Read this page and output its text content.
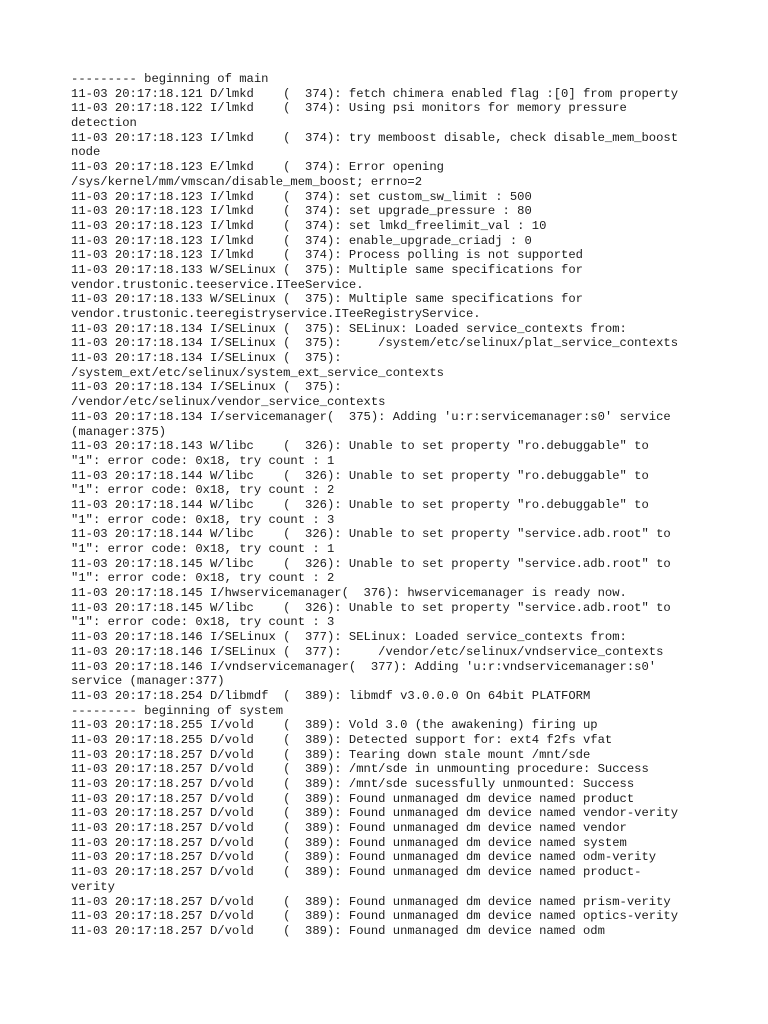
--------- beginning of main
11-03 20:17:18.121 D/lmkd    (  374): fetch chimera enabled flag :[0] from property
11-03 20:17:18.122 I/lmkd    (  374): Using psi monitors for memory pressure
detection
11-03 20:17:18.123 I/lmkd    (  374): try memboost disable, check disable_mem_boost
node
11-03 20:17:18.123 E/lmkd    (  374): Error opening
/sys/kernel/mm/vmscan/disable_mem_boost; errno=2
11-03 20:17:18.123 I/lmkd    (  374): set custom_sw_limit : 500
11-03 20:17:18.123 I/lmkd    (  374): set upgrade_pressure : 80
11-03 20:17:18.123 I/lmkd    (  374): set lmkd_freelimit_val : 10
11-03 20:17:18.123 I/lmkd    (  374): enable_upgrade_criadj : 0
11-03 20:17:18.123 I/lmkd    (  374): Process polling is not supported
11-03 20:17:18.133 W/SELinux (  375): Multiple same specifications for
vendor.trustonic.teeservice.ITeeService.
11-03 20:17:18.133 W/SELinux (  375): Multiple same specifications for
vendor.trustonic.teeregistryservice.ITeeRegistryService.
11-03 20:17:18.134 I/SELinux (  375): SELinux: Loaded service_contexts from:
11-03 20:17:18.134 I/SELinux (  375):     /system/etc/selinux/plat_service_contexts
11-03 20:17:18.134 I/SELinux (  375):
/system_ext/etc/selinux/system_ext_service_contexts
11-03 20:17:18.134 I/SELinux (  375):
/vendor/etc/selinux/vendor_service_contexts
11-03 20:17:18.134 I/servicemanager(  375): Adding 'u:r:servicemanager:s0' service
(manager:375)
11-03 20:17:18.143 W/libc    (  326): Unable to set property "ro.debuggable" to
"1": error code: 0x18, try count : 1
11-03 20:17:18.144 W/libc    (  326): Unable to set property "ro.debuggable" to
"1": error code: 0x18, try count : 2
11-03 20:17:18.144 W/libc    (  326): Unable to set property "ro.debuggable" to
"1": error code: 0x18, try count : 3
11-03 20:17:18.144 W/libc    (  326): Unable to set property "service.adb.root" to
"1": error code: 0x18, try count : 1
11-03 20:17:18.145 W/libc    (  326): Unable to set property "service.adb.root" to
"1": error code: 0x18, try count : 2
11-03 20:17:18.145 I/hwservicemanager(  376): hwservicemanager is ready now.
11-03 20:17:18.145 W/libc    (  326): Unable to set property "service.adb.root" to
"1": error code: 0x18, try count : 3
11-03 20:17:18.146 I/SELinux (  377): SELinux: Loaded service_contexts from:
11-03 20:17:18.146 I/SELinux (  377):     /vendor/etc/selinux/vndservice_contexts
11-03 20:17:18.146 I/vndservicemanager(  377): Adding 'u:r:vndservicemanager:s0'
service (manager:377)
11-03 20:17:18.254 D/libmdf  (  389): libmdf v3.0.0.0 On 64bit PLATFORM
--------- beginning of system
11-03 20:17:18.255 I/vold    (  389): Vold 3.0 (the awakening) firing up
11-03 20:17:18.255 D/vold    (  389): Detected support for: ext4 f2fs vfat
11-03 20:17:18.257 D/vold    (  389): Tearing down stale mount /mnt/sde
11-03 20:17:18.257 D/vold    (  389): /mnt/sde in unmounting procedure: Success
11-03 20:17:18.257 D/vold    (  389): /mnt/sde sucessfully unmounted: Success
11-03 20:17:18.257 D/vold    (  389): Found unmanaged dm device named product
11-03 20:17:18.257 D/vold    (  389): Found unmanaged dm device named vendor-verity
11-03 20:17:18.257 D/vold    (  389): Found unmanaged dm device named vendor
11-03 20:17:18.257 D/vold    (  389): Found unmanaged dm device named system
11-03 20:17:18.257 D/vold    (  389): Found unmanaged dm device named odm-verity
11-03 20:17:18.257 D/vold    (  389): Found unmanaged dm device named product-
verity
11-03 20:17:18.257 D/vold    (  389): Found unmanaged dm device named prism-verity
11-03 20:17:18.257 D/vold    (  389): Found unmanaged dm device named optics-verity
11-03 20:17:18.257 D/vold    (  389): Found unmanaged dm device named odm
